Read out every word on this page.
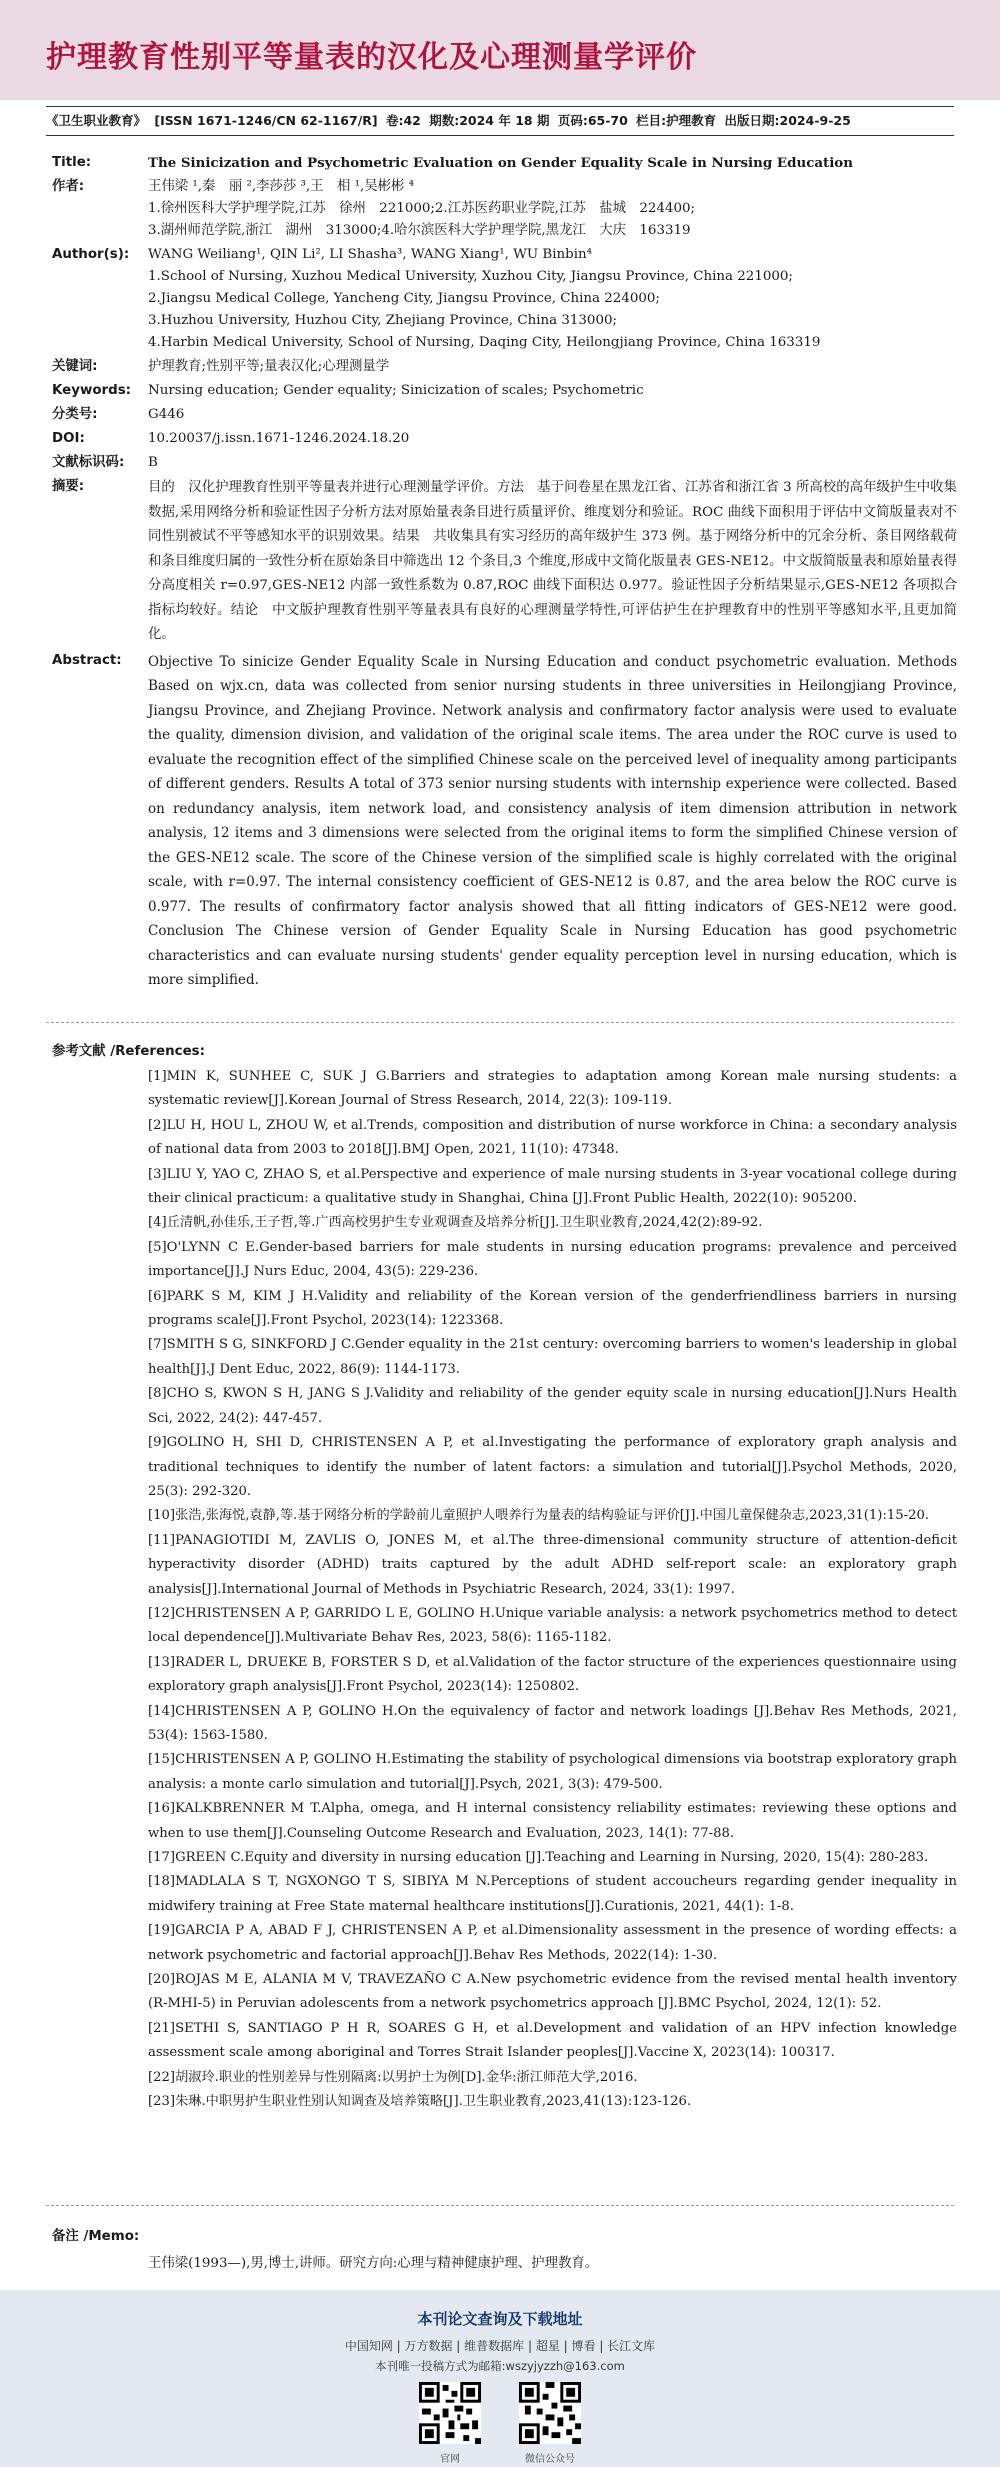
护理教育性别平等量表的汉化及心理测量学评价
《卫生职业教育》 [ISSN 1671-1246/CN 62-1167/R] 卷:42 期数:2024 年 18 期 页码:65-70 栏目:护理教育 出版日期:2024-9-25
Title:	The Sinicization and Psychometric Evaluation on Gender Equality Scale in Nursing Education
作者:	王伟梁 ¹,秦　丽 ²,李莎莎 ³,王　相 ¹,吴彬彬 ⁴
1.徐州医科大学护理学院,江苏　徐州　221000;2.江苏医药职业学院,江苏　盐城　224400;
3.湖州师范学院,浙江　湖州　313000;4.哈尔滨医科大学护理学院,黑龙江　大庆　163319
Author(s):	WANG Weiliang¹, QIN Li², LI Shasha³, WANG Xiang¹, WU Binbin⁴
1.School of Nursing, Xuzhou Medical University, Xuzhou City, Jiangsu Province, China 221000;
2.Jiangsu Medical College, Yancheng City, Jiangsu Province, China 224000;
3.Huzhou University, Huzhou City, Zhejiang Province, China 313000;
4.Harbin Medical University, School of Nursing, Daqing City, Heilongjiang Province, China 163319
关键词:	护理教育;性别平等;量表汉化;心理测量学
Keywords:	Nursing education; Gender equality; Sinicization of scales; Psychometric
分类号:	G446
DOI:	10.20037/j.issn.1671-1246.2024.18.20
文献标识码:	B
摘要:	目的　汉化护理教育性别平等量表并进行心理测量学评价。方法　基于问卷星在黑龙江省、江苏省和浙江省 3 所高校的高年级护生中收集数据,采用网络分析和验证性因子分析方法对原始量表条目进行质量评价、维度划分和验证。ROC 曲线下面积用于评估中文简版量表对不同性别被试不平等感知水平的识别效果。结果　共收集具有实习经历的高年级护生 373 例。基于网络分析中的冗余分析、条目网络载荷和条目维度归属的一致性分析在原始条目中筛选出 12 个条目,3 个维度,形成中文简化版量表 GES-NE12。中文版简版量表和原始量表得分高度相关 r=0.97,GES-NE12 内部一致性系数为 0.87,ROC 曲线下面积达 0.977。验证性因子分析结果显示,GES-NE12 各项拟合指标均较好。结论　中文版护理教育性别平等量表具有良好的心理测量学特性,可评估护生在护理教育中的性别平等感知水平,且更加简化。
Abstract:	Objective To sinicize Gender Equality Scale in Nursing Education and conduct psychometric evaluation. Methods Based on wjx.cn, data was collected from senior nursing students in three universities in Heilongjiang Province, Jiangsu Province, and Zhejiang Province. Network analysis and confirmatory factor analysis were used to evaluate the quality, dimension division, and validation of the original scale items. The area under the ROC curve is used to evaluate the recognition effect of the simplified Chinese scale on the perceived level of inequality among participants of different genders. Results A total of 373 senior nursing students with internship experience were collected. Based on redundancy analysis, item network load, and consistency analysis of item dimension attribution in network analysis, 12 items and 3 dimensions were selected from the original items to form the simplified Chinese version of the GES-NE12 scale. The score of the Chinese version of the simplified scale is highly correlated with the original scale, with r=0.97. The internal consistency coefficient of GES-NE12 is 0.87, and the area below the ROC curve is 0.977. The results of confirmatory factor analysis showed that all fitting indicators of GES-NE12 were good. Conclusion The Chinese version of Gender Equality Scale in Nursing Education has good psychometric characteristics and can evaluate nursing students' gender equality perception level in nursing education, which is more simplified.
参考文献 /References:
[1]MIN K, SUNHEE C, SUK J G.Barriers and strategies to adaptation among Korean male nursing students: a systematic review[J].Korean Journal of Stress Research, 2014, 22(3): 109-119.
[2]LU H, HOU L, ZHOU W, et al.Trends, composition and distribution of nurse workforce in China: a secondary analysis of national data from 2003 to 2018[J].BMJ Open, 2021, 11(10): 47348.
[3]LIU Y, YAO C, ZHAO S, et al.Perspective and experience of male nursing students in 3-year vocational college during their clinical practicum: a qualitative study in Shanghai, China [J].Front Public Health, 2022(10): 905200.
[4]丘清帆,孙佳乐,王子哲,等.广西高校男护生专业观调查及培养分析[J].卫生职业教育,2024,42(2):89-92.
[5]O'LYNN C E.Gender-based barriers for male students in nursing education programs: prevalence and perceived importance[J].J Nurs Educ, 2004, 43(5): 229-236.
[6]PARK S M, KIM J H.Validity and reliability of the Korean version of the genderfriendliness barriers in nursing programs scale[J].Front Psychol, 2023(14): 1223368.
[7]SMITH S G, SINKFORD J C.Gender equality in the 21st century: overcoming barriers to women's leadership in global health[J].J Dent Educ, 2022, 86(9): 1144-1173.
[8]CHO S, KWON S H, JANG S J.Validity and reliability of the gender equity scale in nursing education[J].Nurs Health Sci, 2022, 24(2): 447-457.
[9]GOLINO H, SHI D, CHRISTENSEN A P, et al.Investigating the performance of exploratory graph analysis and traditional techniques to identify the number of latent factors: a simulation and tutorial[J].Psychol Methods, 2020, 25(3): 292-320.
[10]张浩,张海悦,袁静,等.基于网络分析的学龄前儿童照护人喂养行为量表的结构验证与评价[J].中国儿童保健杂志,2023,31(1):15-20.
[11]PANAGIOTIDI M, ZAVLIS O, JONES M, et al.The three-dimensional community structure of attention-deficit hyperactivity disorder (ADHD) traits captured by the adult ADHD self-report scale: an exploratory graph analysis[J].International Journal of Methods in Psychiatric Research, 2024, 33(1): 1997.
[12]CHRISTENSEN A P, GARRIDO L E, GOLINO H.Unique variable analysis: a network psychometrics method to detect local dependence[J].Multivariate Behav Res, 2023, 58(6): 1165-1182.
[13]RADER L, DRUEKE B, FORSTER S D, et al.Validation of the factor structure of the experiences questionnaire using exploratory graph analysis[J].Front Psychol, 2023(14): 1250802.
[14]CHRISTENSEN A P, GOLINO H.On the equivalency of factor and network loadings [J].Behav Res Methods, 2021, 53(4): 1563-1580.
[15]CHRISTENSEN A P, GOLINO H.Estimating the stability of psychological dimensions via bootstrap exploratory graph analysis: a monte carlo simulation and tutorial[J].Psych, 2021, 3(3): 479-500.
[16]KALKBRENNER M T.Alpha, omega, and H internal consistency reliability estimates: reviewing these options and when to use them[J].Counseling Outcome Research and Evaluation, 2023, 14(1): 77-88.
[17]GREEN C.Equity and diversity in nursing education [J].Teaching and Learning in Nursing, 2020, 15(4): 280-283.
[18]MADLALA S T, NGXONGO T S, SIBIYA M N.Perceptions of student accoucheurs regarding gender inequality in midwifery training at Free State maternal healthcare institutions[J].Curationis, 2021, 44(1): 1-8.
[19]GARCIA P A, ABAD F J, CHRISTENSEN A P, et al.Dimensionality assessment in the presence of wording effects: a network psychometric and factorial approach[J].Behav Res Methods, 2022(14): 1-30.
[20]ROJAS M E, ALANIA M V, TRAVEZAÑO C A.New psychometric evidence from the revised mental health inventory (R-MHI-5) in Peruvian adolescents from a network psychometrics approach [J].BMC Psychol, 2024, 12(1): 52.
[21]SETHI S, SANTIAGO P H R, SOARES G H, et al.Development and validation of an HPV infection knowledge assessment scale among aboriginal and Torres Strait Islander peoples[J].Vaccine X, 2023(14): 100317.
[22]胡淑玲.职业的性别差异与性别隔离:以男护士为例[D].金华:浙江师范大学,2016.
[23]朱琳.中职男护生职业性别认知调查及培养策略[J].卫生职业教育,2023,41(13):123-126.
备注 /Memo:
王伟梁(1993—),男,博士,讲师。研究方向:心理与精神健康护理、护理教育。
本刊论文查询及下载地址
中国知网 | 万方数据 | 维普数据库 | 超星 | 博看 | 长江文库
本刊唯一投稿方式为邮箱:wszyjyzzh@163.com
官网	微信公众号
